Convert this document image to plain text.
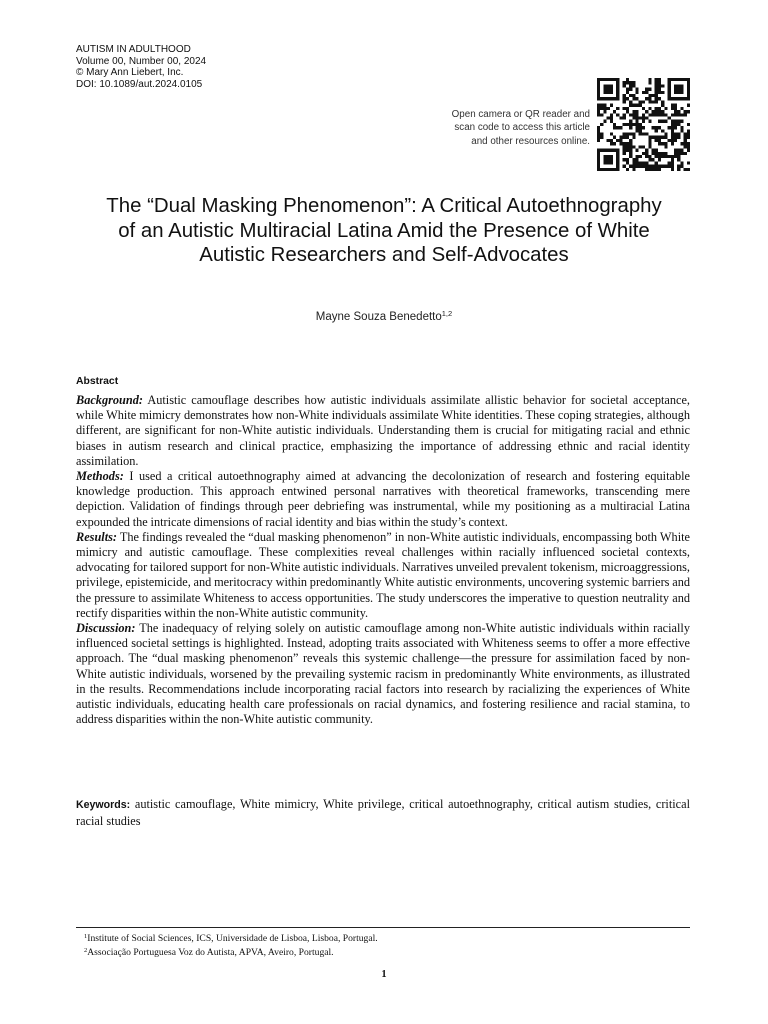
AUTISM IN ADULTHOOD
Volume 00, Number 00, 2024
© Mary Ann Liebert, Inc.
DOI: 10.1089/aut.2024.0105
Open camera or QR reader and
scan code to access this article
and other resources online.
The “Dual Masking Phenomenon”: A Critical Autoethnography
of an Autistic Multiracial Latina Amid the Presence of White
Autistic Researchers and Self-Advocates
Mayne Souza Benedetto$^{1,2}$
Abstract

Background: Autistic camouflage describes how autistic individuals assimilate allistic behavior for societal acceptance, while White mimicry demonstrates how non-White individuals assimilate White identities. These coping strategies, although different, are significant for non-White autistic individuals. Understanding them is crucial for mitigating racial and ethnic biases in autism research and clinical practice, emphasizing the importance of addressing ethnic and racial identity assimilation.

Methods: I used a critical autoethnography aimed at advancing the decolonization of research and fostering equitable knowledge production. This approach entwined personal narratives with theoretical frameworks, transcending mere depiction. Validation of findings through peer debriefing was instrumental, while my positioning as a multiracial Latina expounded the intricate dimensions of racial identity and bias within the study’s context.

Results: The findings revealed the “dual masking phenomenon” in non-White autistic individuals, encompassing both White mimicry and autistic camouflage. These complexities reveal challenges within racially influenced societal contexts, advocating for tailored support for non-White autistic individuals. Narratives unveiled prevalent tokenism, microaggressions, privilege, epistemicide, and meritocracy within predominantly White autistic environments, uncovering systemic barriers and the pressure to assimilate Whiteness to access opportunities. The study underscores the imperative to question neutrality and rectify disparities within the non-White autistic community.

Discussion: The inadequacy of relying solely on autistic camouflage among non-White autistic individuals within racially influenced societal settings is highlighted. Instead, adopting traits associated with Whiteness seems to offer a more effective approach. The “dual masking phenomenon” reveals this systemic challenge—the pressure for assimilation faced by non-White autistic individuals, worsened by the prevailing systemic racism in predominantly White environments, as illustrated in the results. Recommendations include incorporating racial factors into research by racializing the experiences of White autistic individuals, educating health care professionals on racial dynamics, and fostering resilience and racial stamina, to address disparities within the non-White autistic community.

Keywords: autistic camouflage, White mimicry, White privilege, critical autoethnography, critical autism studies, critical racial studies
$^1$Institute of Social Sciences, ICS, Universidade de Lisboa, Lisboa, Portugal.
$^2$Associação Portuguesa Voz do Autista, APVA, Aveiro, Portugal.
1
